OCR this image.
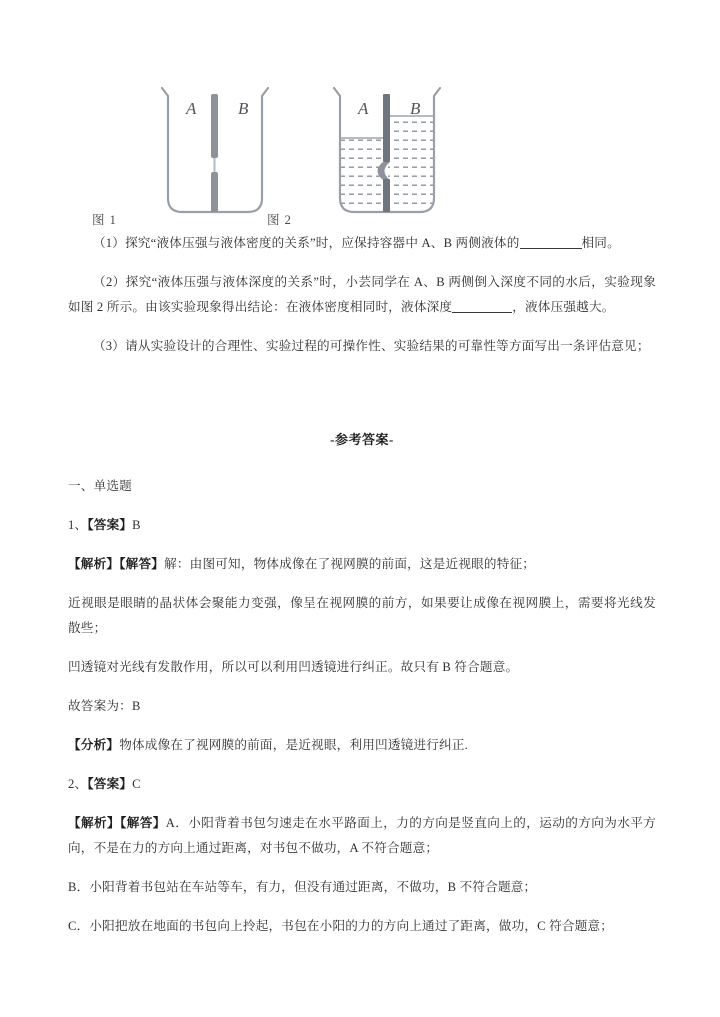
图 1
A B
图 2
A B

（1）探究“液体压强与液体密度的关系”时，应保持容器中 A、B 两侧液体的	相同。

（2）探究“液体压强与液体深度的关系”时，小芸同学在 A、B 两侧倒入深度不同的水后，实验现象如图 2 所示。由该实验现象得出结论：在液体密度相同时，液体深度	，液体压强越大。

（3）请从实验设计的合理性、实验过程的可操作性、实验结果的可靠性等方面写出一条评估意见；

-参考答案-

一、单选题

1、【答案】B

【解析】【解答】解：由图可知，物体成像在了视网膜的前面，这是近视眼的特征；

近视眼是眼睛的晶状体会聚能力变强，像呈在视网膜的前方，如果要让成像在视网膜上，需要将光线发散些；

凹透镜对光线有发散作用，所以可以利用凹透镜进行纠正。故只有 B 符合题意。

故答案为：B

【分析】物体成像在了视网膜的前面，是近视眼，利用凹透镜进行纠正.

2、【答案】C

【解析】【解答】A．小阳背着书包匀速走在水平路面上，力的方向是竖直向上的，运动的方向为水平方向，不是在力的方向上通过距离，对书包不做功，A 不符合题意；

B．小阳背着书包站在车站等车，有力，但没有通过距离，不做功，B 不符合题意；

C．小阳把放在地面的书包向上拎起，书包在小阳的力的方向上通过了距离，做功，C 符合题意；
